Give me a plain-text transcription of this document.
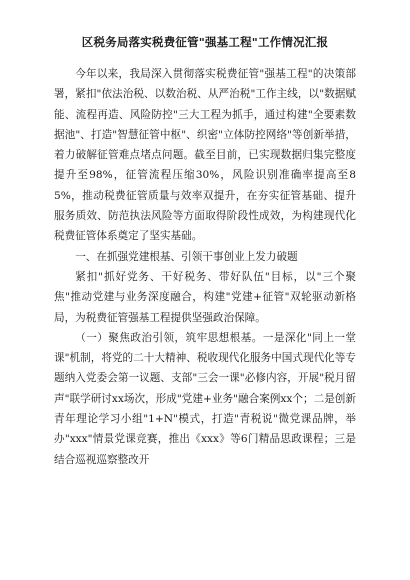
区税务局落实税费征管"强基工程"工作情况汇报

今年以来，我局深入贯彻落实税费征管"强基工程"的决策部署，紧扣"依法治税、以数治税、从严治税"工作主线，以"数据赋能、流程再造、风险防控"三大工程为抓手，通过构建"全要素数据池"、打造"智慧征管中枢"、织密"立体防控网络"等创新举措，着力破解征管难点堵点问题。截至目前，已实现数据归集完整度提升至98%，征管流程压缩30%，风险识别准确率提高至85%，推动税费征管质量与效率双提升，在夯实征管基础、提升服务质效、防范执法风险等方面取得阶段性成效，为构建现代化税费征管体系奠定了坚实基础。

一、在抓强党建根基、引领干事创业上发力破题

紧扣"抓好党务、干好税务、带好队伍"目标，以"三个聚焦"推动党建与业务深度融合，构建"党建+征管"双轮驱动新格局，为税费征管强基工程提供坚强政治保障。

（一）聚焦政治引领，筑牢思想根基。一是深化"同上一堂课"机制，将党的二十大精神、税收现代化服务中国式现代化等专题纳入党委会第一议题、支部"三会一课"必修内容，开展"税月留声"联学研讨xx场次，形成"党建+业务"融合案例xx个；二是创新青年理论学习小组"1+N"模式，打造"青税说"微党课品牌，举办"xxx"情景党课竞赛，推出《xxx》等6门精品思政课程；三是结合巡视巡察整改开
